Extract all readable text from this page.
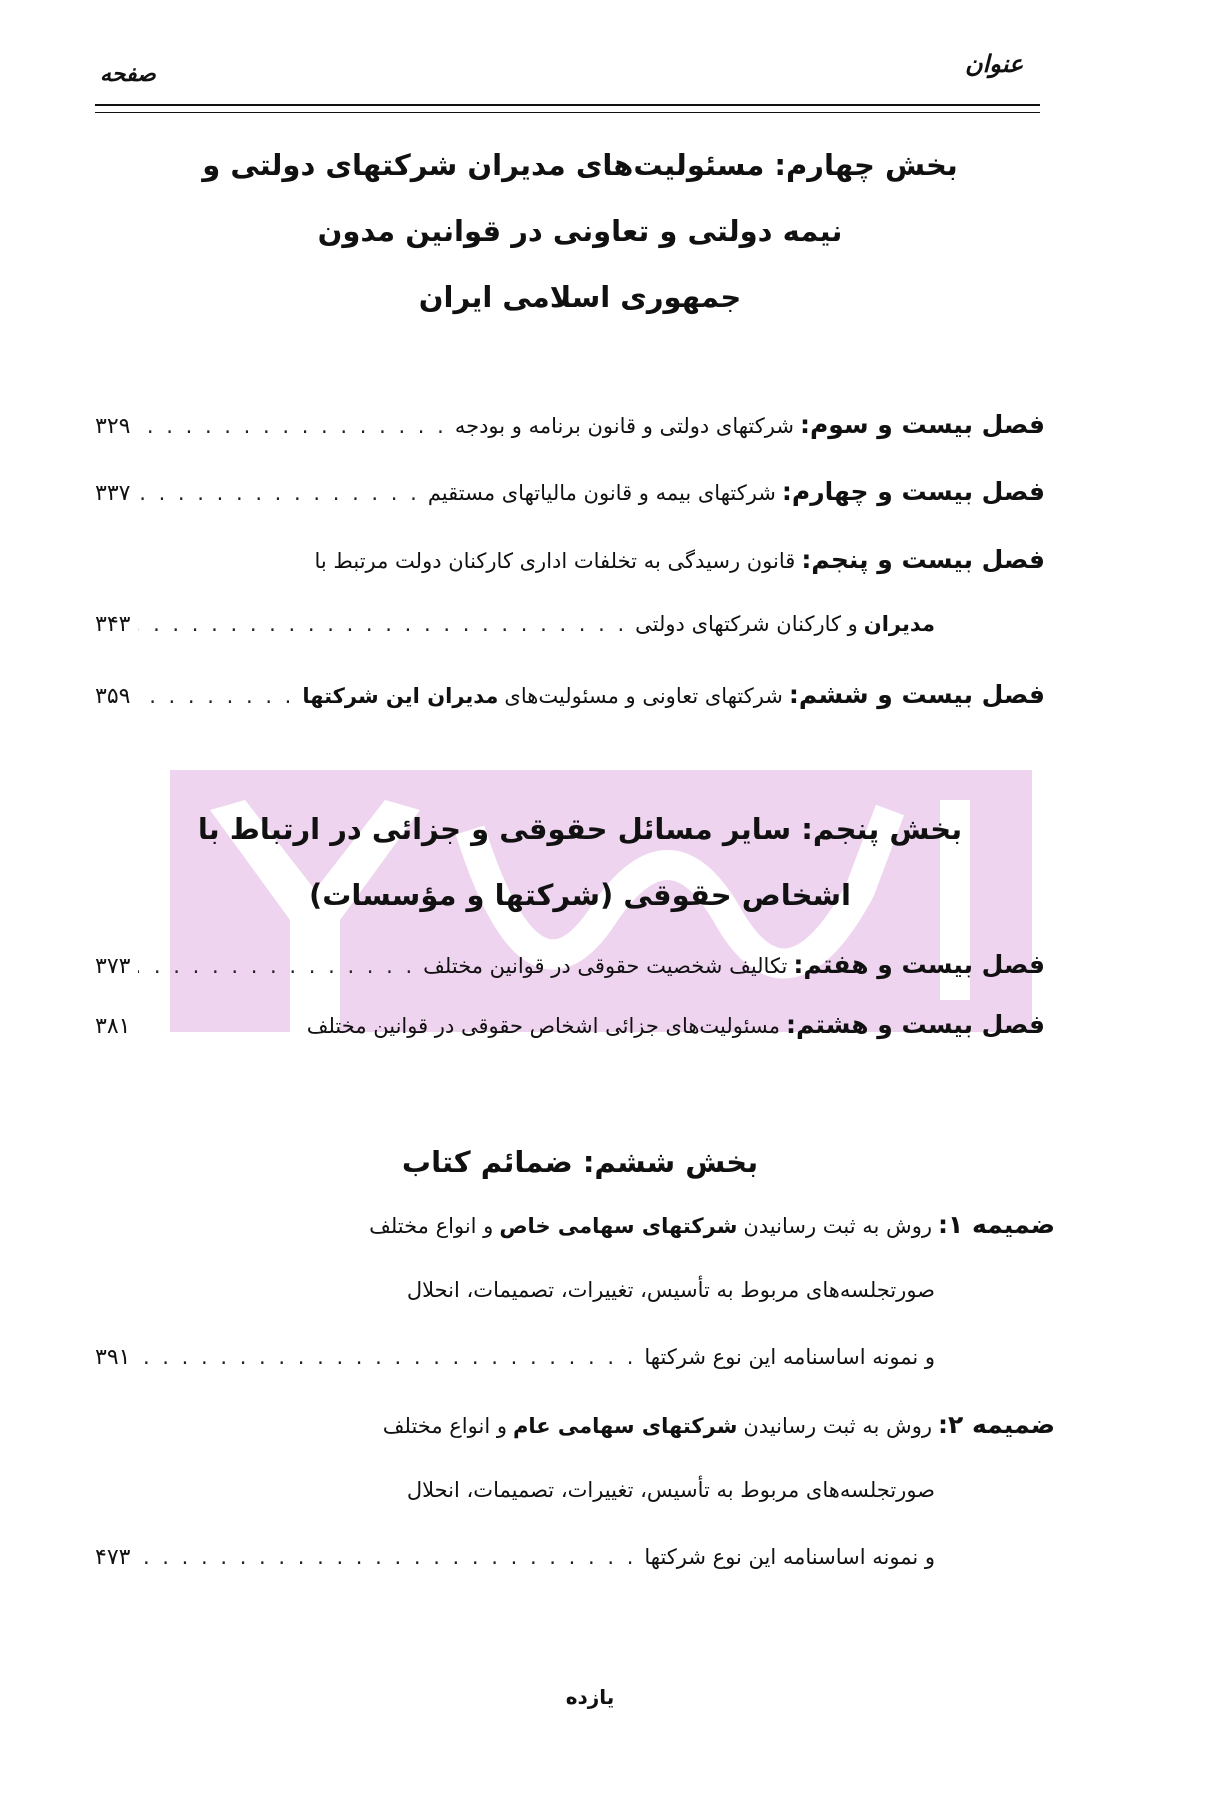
عنوان
صفحه
بخش چهارم: مسئولیت‌های مدیران شرکتهای دولتی و
نیمه دولتی و تعاونی در قوانین مدون
جمهوری اسلامی ایران
فصل بیست و سوم:
شرکتهای دولتی و قانون برنامه و بودجه
. . .
۳۲۹
فصل بیست و چهارم:
شرکتهای بیمه و قانون مالیاتهای مستقیم
. . .
۳۳۷
فصل بیست و پنجم:
قانون رسیدگی به تخلفات اداری کارکنان دولت مرتبط با
مدیران
و کارکنان شرکتهای دولتی
. . .
۳۴۳
فصل بیست و ششم:
شرکتهای تعاونی و مسئولیت‌های
مدیران این شرکتها
. . .
۳۵۹
بخش پنجم: سایر مسائل حقوقی و جزائی در ارتباط با
اشخاص حقوقی (شرکتها و مؤسسات)
فصل بیست و هفتم:
تکالیف شخصیت حقوقی در قوانین مختلف
. . .
۳۷۳
فصل بیست و هشتم:
مسئولیت‌های جزائی اشخاص حقوقی در قوانین مختلف
۳۸۱
بخش ششم: ضمائم کتاب
ضمیمه ۱:
روش به ثبت رسانیدن
شرکتهای سهامی خاص
و انواع مختلف
صورتجلسه‌های مربوط به تأسیس، تغییرات، تصمیمات، انحلال
و نمونه اساسنامه این نوع شرکتها
. . .
۳۹۱
ضمیمه ۲:
روش به ثبت رسانیدن
شرکتهای سهامی عام
و انواع مختلف
صورتجلسه‌های مربوط به تأسیس، تغییرات، تصمیمات، انحلال
و نمونه اساسنامه این نوع شرکتها
. . .
۴۷۳
یازده
